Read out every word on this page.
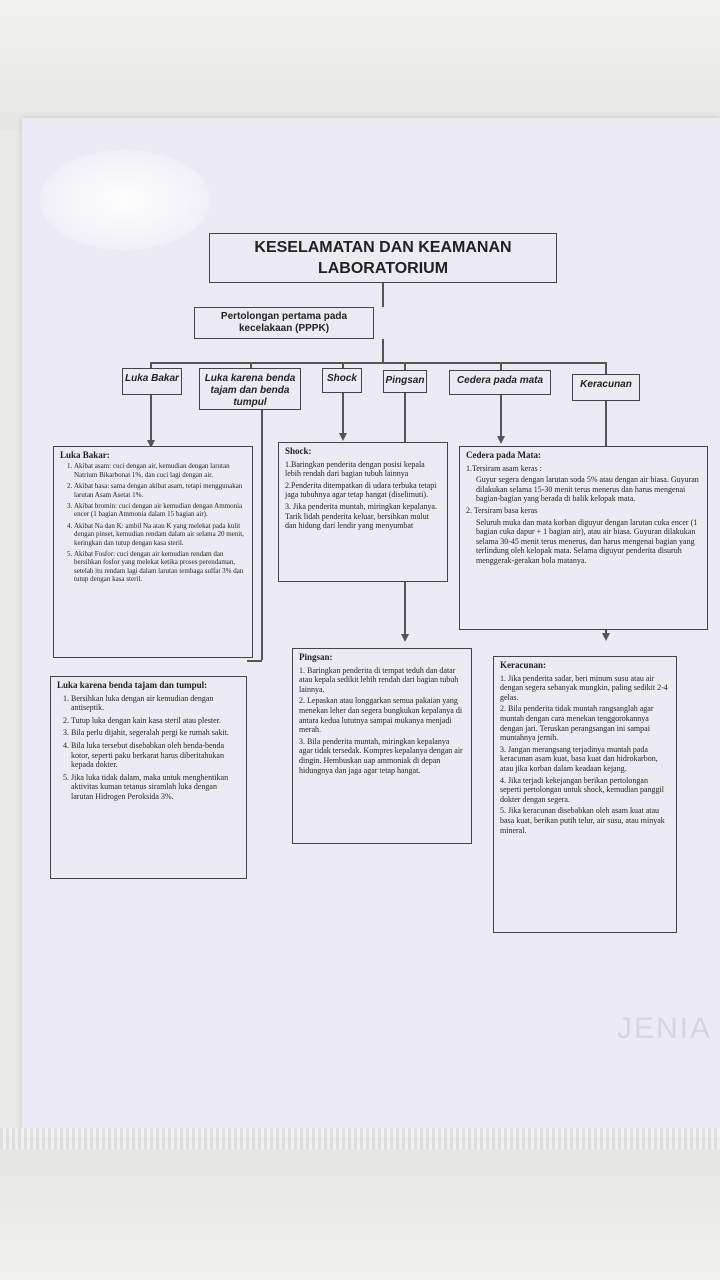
KESELAMATAN DAN KEAMANAN LABORATORIUM
Pertolongan pertama pada kecelakaan (PPPK)
Luka Bakar	Luka karena benda tajam dan benda tumpul
Shock	Pingsan	Cedera pada mata	Keracunan
Luka Bakar:
1. Akibat asam: cuci dengan air, kemudian dengan larutan Natrium Bikarbonat 1%, dan cuci lagi dengan air.
2. Akibat basa: sama dengan akibat asam, tetapi menggunakan larutan Asam Asetat 1%.
3. Akibat bromin: cuci dengan air kemudian dengan Ammonia encer (1 bagian Ammonia dalam 15 bagian air).
4. Akibat Na dan K: ambil Na atau K yang melekat pada kulit dengan pinset, kemudian rendam dalam air selama 20 menit, keringkan dan tutup dengan kasa steril.
5. Akibat Fosfor: cuci dengan air kemudian rendam dan bersihkan fosfor yang melekat ketika proses perendaman, setelah itu rendam lagi dalam larutan tembaga sulfat 3% dan tutup dengan kasa steril.
Luka karena benda tajam dan tumpul:
1. Bersihkan luka dengan air kemudian dengan antiseptik.
2. Tutup luka dengan kain kasa steril atau plester.
3. Bila perlu dijahit, segeralah pergi ke rumah sakit.
4. Bila luka tersebut disebabkan oleh benda-benda kotor, seperti paku berkarat harus diberitahukan kepada dokter.
5. Jika luka tidak dalam, maka untuk menghentikan aktivitas kuman tetanus siramlah luka dengan larutan Hidrogen Peroksida 3%.
Shock:

1.Baringkan penderita dengan posisi kepala lebih rendah dari bagian tubuh lainnya

2.Penderita ditempatkan di udara terbuka tetapi jaga tubuhnya agar tetap hangat (diselimuti).

3. Jika penderita muntah, miringkan kepalanya. Tarik lidah penderita keluar, bersihkan mulut dan hidung dari lendir yang menyumbat

Cedera pada Mata:

1.Tersiram asam keras :

Guyur segera dengan larutan soda 5% atau dengan air biasa. Guyuran dilakukan selama 15-30 menit terus menerus dan harus mengenai bagian-bagian yang berada di balik kelopak mata.

2. Tersiram basa keras

Seluruh muka dan mata korban diguyur dengan larutan cuka encer (1 bagian cuka dapur + 1 bagian air), atau air biasa. Guyuran dilakukan selama 30-45 menit terus menerus, dan harus mengenai bagian yang terlindung oleh kelopak mata. Selama diguyur penderita disuruh menggerak-gerakan bola matanya.

Pingsan:

1. Baringkan penderita di tempat teduh dan datar atau kepala sedikit lebih rendah dari bagian tubuh lainnya.

2. Lepaskan atau longgarkan semua pakaian yang menekan leher dan segera bungkukan kepalanya di antara kedua lututnya sampai mukanya menjadi merah.

3. Bila penderita muntah, miringkan kepalanya agar tidak tersedak. Kompres kepalanya dengan air dingin. Hembuskan uap ammoniak di depan hidungnya dan jaga agar tetap hangat.

Keracunan:

1. Jika penderita sadar, beri minum susu atau air dengan segera sebanyak mungkin, paling sedikit 2-4 gelas.

2. Bila penderita tidak muntah rangsanglah agar muntah dengan cara menekan tenggorokannya dengan jari. Teruskan perangsangan ini sampai muntahnya jernih.

3. Jangan merangsang terjadinya muntah pada keracunan asam kuat, basa kuat dan hidrokarbon, atau jika korban dalam keadaan kejang.

4. Jika terjadi kekejangan berikan pertolongan seperti pertolongan untuk shock, kemudian panggil dokter dengan segera.

5. Jika keracunan disebabkan oleh asam kuat atau basa kuat, berikan putih telur, air susu, atau minyak mineral.

JENIA
